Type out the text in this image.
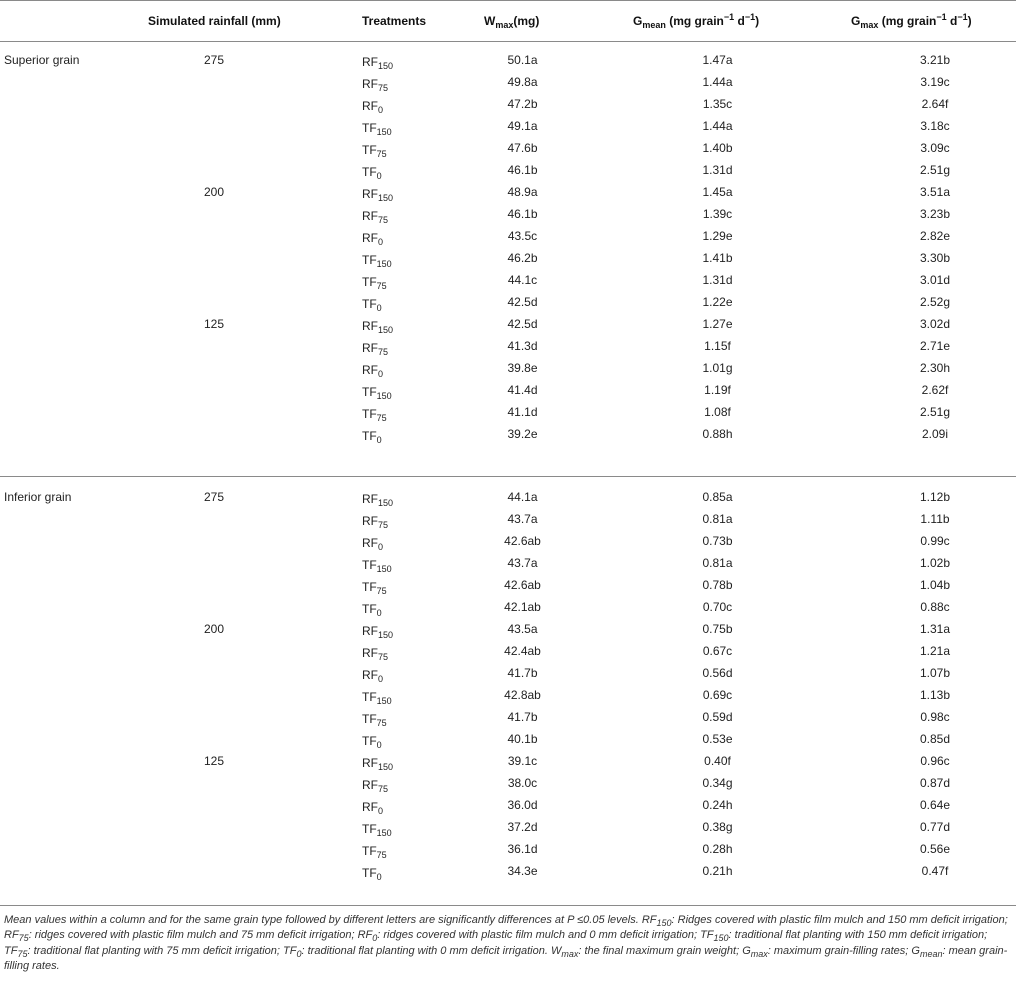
Simulated rainfall (mm)	Treatments	$W_{max}(mg)$	$G_{mean}$ (mg grain$^{-1}$ $d^{-1}$)	$G_{max}$ (mg grain$^{-1}$ $d^{-1}$)
Superior grain	275	$RF_{150}$	50.1a	1.47a	3.21b
$RF_{75}$	49.8a	1.44a	3.19c
$RF_0$	47.2b	1.35c	2.64f
$TF_{150}$	49.1a	1.44a	3.18c
$TF_{75}$	47.6b	1.40b	3.09c
$TF_0$	46.1b	1.31d	2.51g
200	$RF_{150}$	48.9a	1.45a	3.51a
$RF_{75}$	46.1b	1.39c	3.23b
$RF_0$	43.5c	1.29e	2.82e
$TF_{150}$	46.2b	1.41b	3.30b
$TF_{75}$	44.1c	1.31d	3.01d
$TF_0$	42.5d	1.22e	2.52g
125	$RF_{150}$	42.5d	1.27e	3.02d
$RF_{75}$	41.3d	1.15f	2.71e
$RF_0$	39.8e	1.01g	2.30h
$TF_{150}$	41.4d	1.19f	2.62f
$TF_{75}$	41.1d	1.08f	2.51g
$TF_0$	39.2e	0.88h	2.09i
Inferior grain	275	$RF_{150}$	44.1a	0.85a	1.12b
$RF_{75}$	43.7a	0.81a	1.11b
$RF_0$	42.6ab	0.73b	0.99c
$TF_{150}$	43.7a	0.81a	1.02b
$TF_{75}$	42.6ab	0.78b	1.04b
$TF_0$	42.1ab	0.70c	0.88c
200	$RF_{150}$	43.5a	0.75b	1.31a
$RF_{75}$	42.4ab	0.67c	1.21a
$RF_0$	41.7b	0.56d	1.07b
$TF_{150}$	42.8ab	0.69c	1.13b
$TF_{75}$	41.7b	0.59d	0.98c
$TF_0$	40.1b	0.53e	0.85d
125	$RF_{150}$	39.1c	0.40f	0.96c
$RF_{75}$	38.0c	0.34g	0.87d
$RF_0$	36.0d	0.24h	0.64e
$TF_{150}$	37.2d	0.38g	0.77d
$TF_{75}$	36.1d	0.28h	0.56e
$TF_0$	34.3e	0.21h	0.47f
Mean values within a column and for the same grain type followed by different letters are significantly differences at P ≤0.05 levels. $RF_{150}$: Ridges covered with plastic film mulch and 150 mm deficit irrigation; $RF_{75}$: ridges covered with plastic film mulch and 75 mm deficit irrigation; $RF_0$: ridges covered with plastic film mulch and 0 mm deficit irrigation; $TF_{150}$: traditional flat planting with 150 mm deficit irrigation; $TF_{75}$: traditional flat planting with 75 mm deficit irrigation; $TF_0$: traditional flat planting with 0 mm deficit irrigation. $W_{max}$: the final maximum grain weight; $G_{max}$: maximum grain-filling rates; $G_{mean}$: mean grain-filling rates.
